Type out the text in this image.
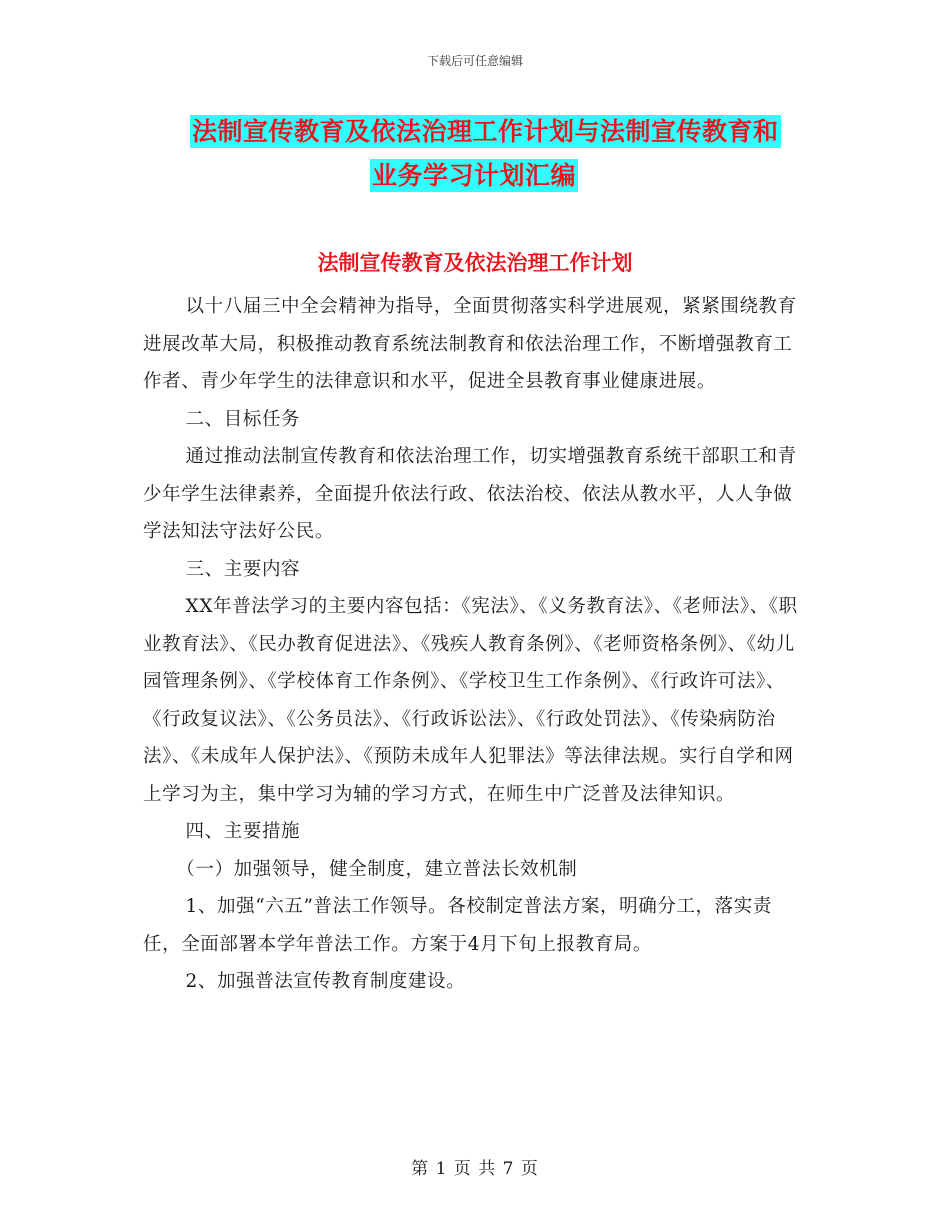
下载后可任意编辑
法制宣传教育及依法治理工作计划与法制宣传教育和
业务学习计划汇编
法制宣传教育及依法治理工作计划

以十八届三中全会精神为指导，全面贯彻落实科学进展观，紧紧围绕教育进展改革大局，积极推动教育系统法制教育和依法治理工作，不断增强教育工作者、青少年学生的法律意识和水平，促进全县教育事业健康进展。

二、目标任务

通过推动法制宣传教育和依法治理工作，切实增强教育系统干部职工和青少年学生法律素养，全面提升依法行政、依法治校、依法从教水平，人人争做学法知法守法好公民。

三、主要内容

XX年普法学习的主要内容包括：《宪法》、《义务教育法》、《老师法》、《职业教育法》、《民办教育促进法》、《残疾人教育条例》、《老师资格条例》、《幼儿园管理条例》、《学校体育工作条例》、《学校卫生工作条例》、《行政许可法》、《行政复议法》、《公务员法》、《行政诉讼法》、《行政处罚法》、《传染病防治法》、《未成年人保护法》、《预防未成年人犯罪法》等法律法规。实行自学和网上学习为主，集中学习为辅的学习方式，在师生中广泛普及法律知识。

四、主要措施

（一）加强领导，健全制度，建立普法长效机制

1、加强“六五”普法工作领导。各校制定普法方案，明确分工，落实责任，全面部署本学年普法工作。方案于4月下旬上报教育局。

2、加强普法宣传教育制度建设。

第 1 页 共 7 页
